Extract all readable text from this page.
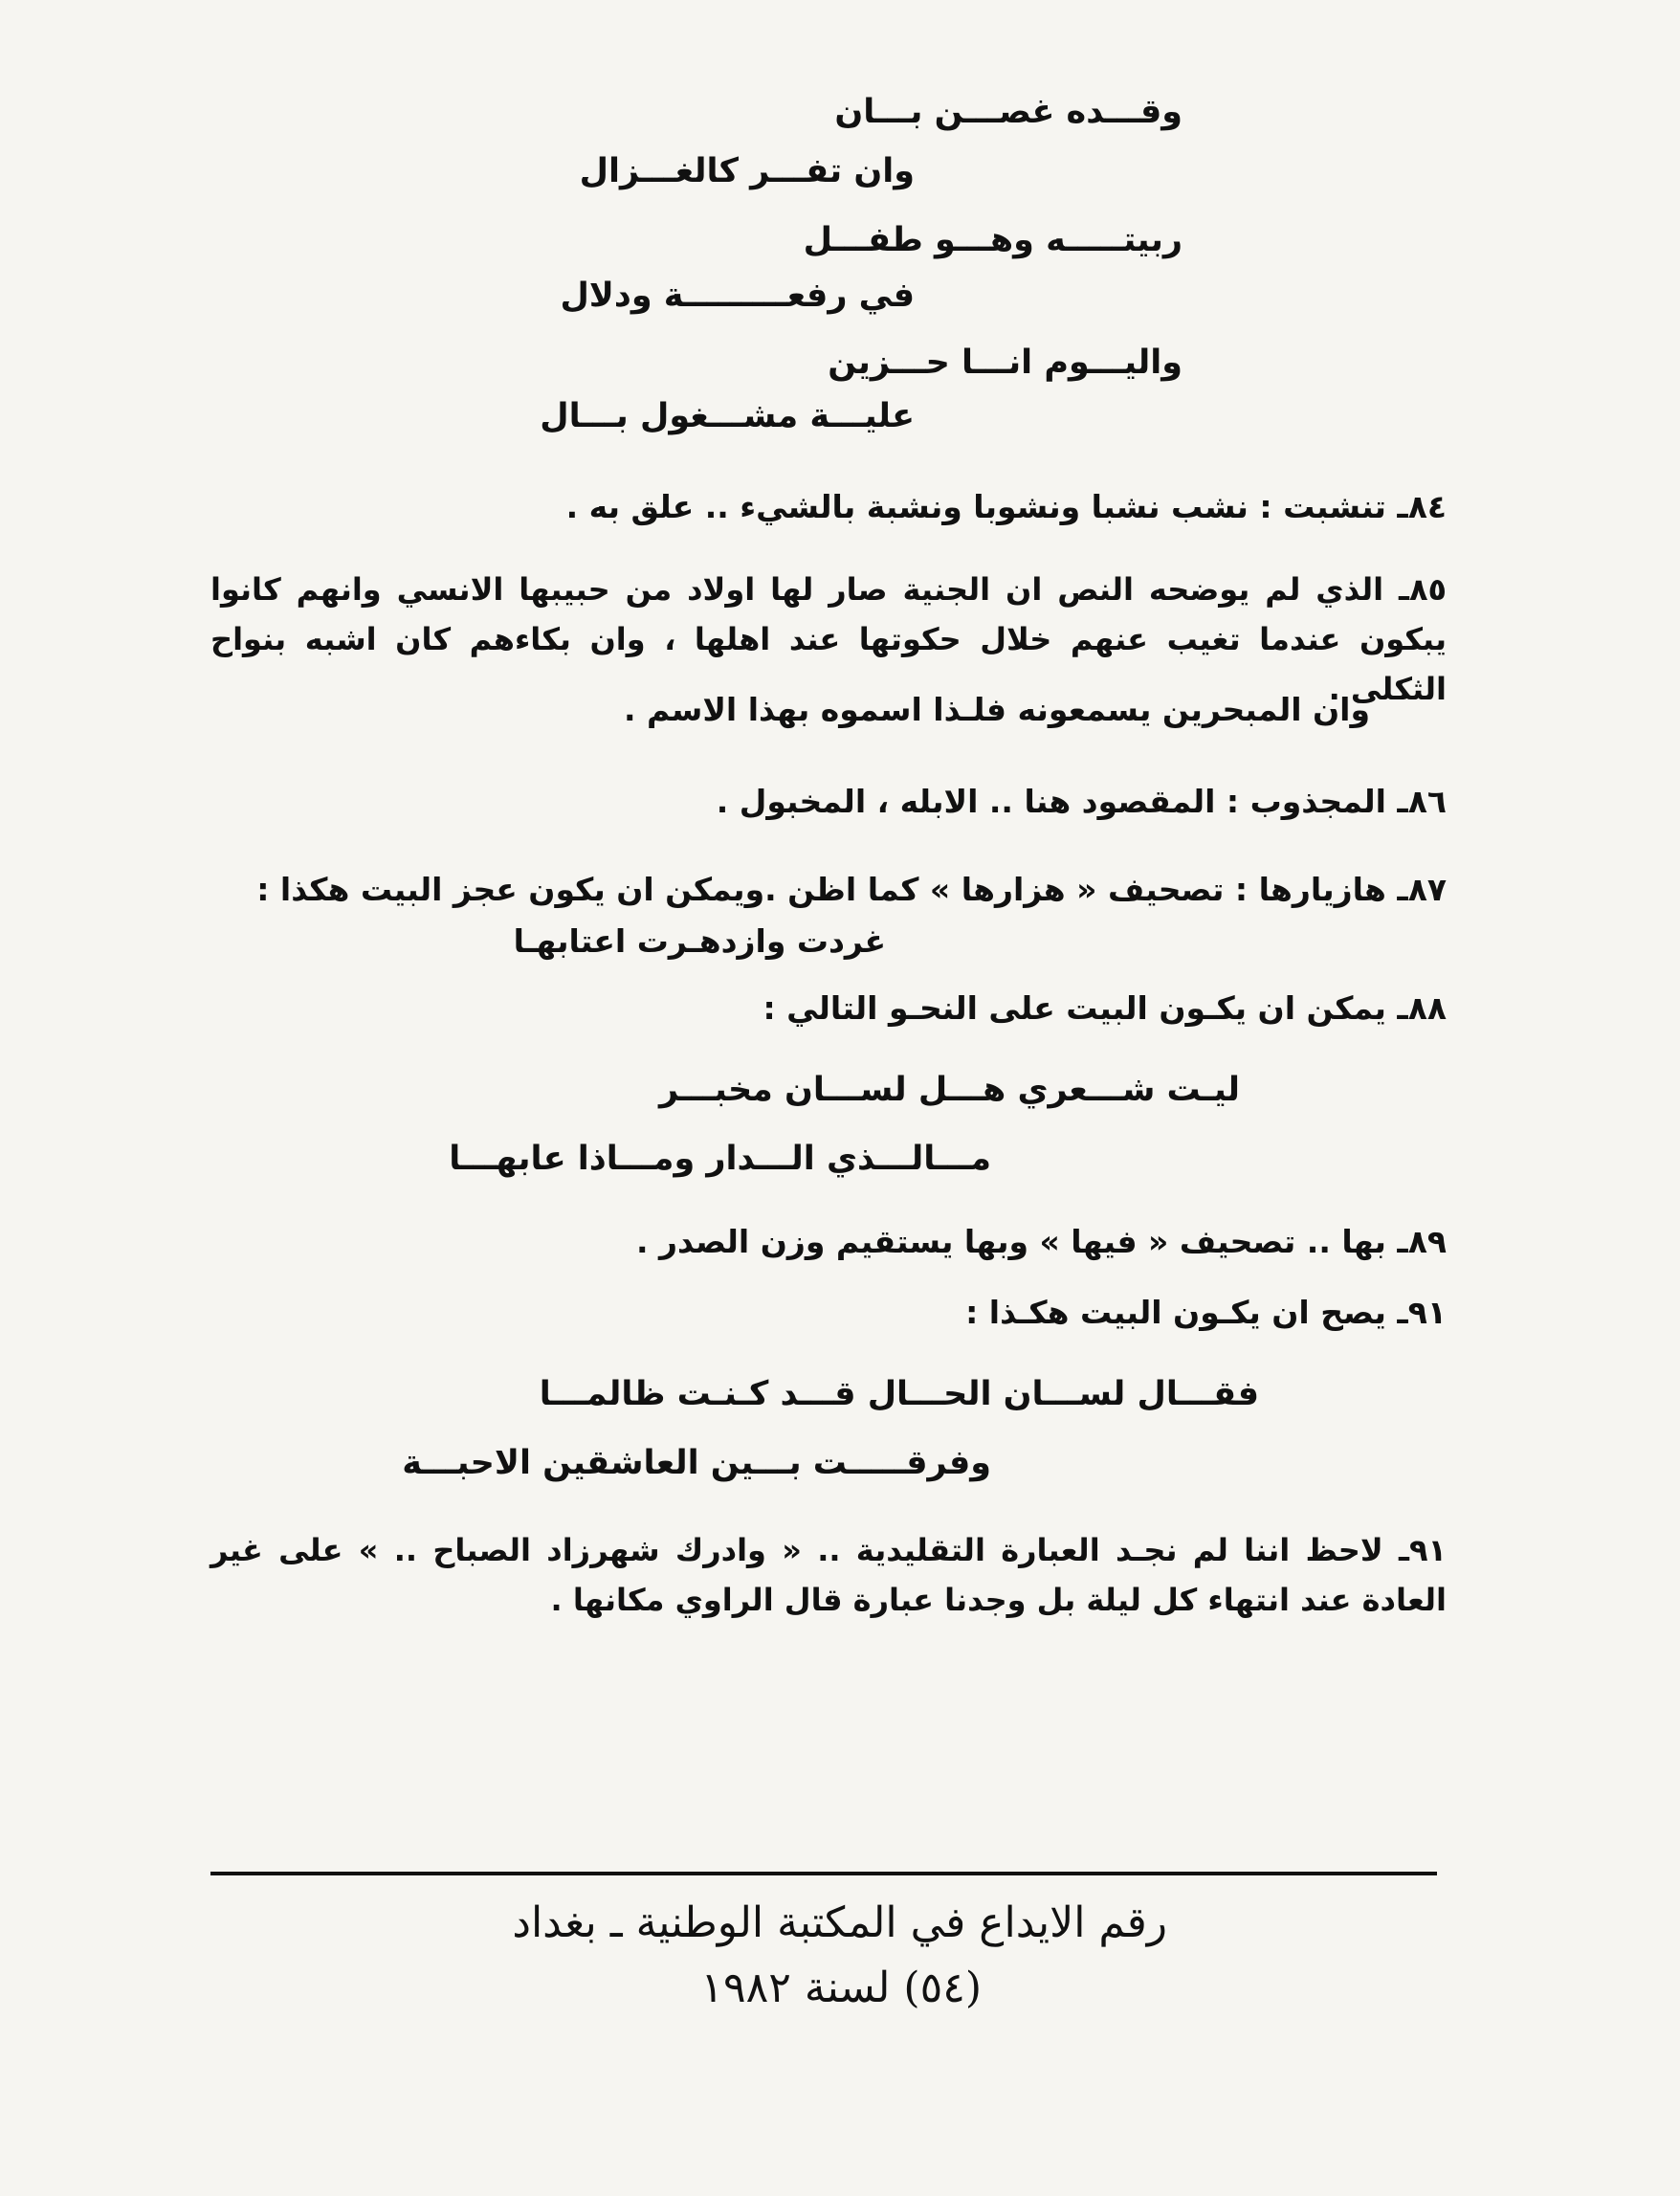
وقـــده غصـــن بـــان
وان تفـــر كالغـــزال
ربيتـــــه وهـــو طفـــل
في رفعـــــــــة ودلال
واليـــوم انـــا حـــزين
عليـــة مشـــغول بـــال
٨٤ـ تنشبت : نشب نشبا ونشوبا ونشبة بالشيء .. علق به .

٨٥ـ الذي لم يوضحه النص ان الجنية صار لها اولاد من حبيبها الانسي وانهم كانوا يبكون عندما تغيب عنهم خلال حكوتها عند اهلها ، وان بكاءهم كان اشبه بنواح الثكلى .

وان المبحرين يسمعونه فلـذا اسموه بهذا الاسم .
٨٦ـ المجذوب : المقصود هنا .. الابله ، المخبول .
٨٧ـ هازيارها : تصحيف « هزارها » كما اظن .ويمكن ان يكون عجز البيت هكذا :
غردت وازدهـرت اعتابهـا
٨٨ـ يمكن ان يكـون البيت على النحـو التالي :
ليـت شـــعري هـــل لســـان مخبـــر
مـــالـــذي الـــدار ومـــاذا عابهـــا
٨٩ـ بها .. تصحيف « فيها » وبها يستقيم وزن الصدر .
٩١ـ يصح ان يكـون البيت هكـذا :
فقـــال لســـان الحـــال قـــد كـنـت ظالمـــا
وفرقـــــت بـــين العاشقين الاحبـــة

٩١ـ لاحظ اننا لم نجـد العبارة التقليدية .. « وادرك شهرزاد الصباح .. » على غير العادة عند انتهاء كل ليلة بل وجدنا عبارة قال الراوي مكانها .

رقم الايداع في المكتبة الوطنية ـ بغداد
(٥٤) لسنة ١٩٨٢
